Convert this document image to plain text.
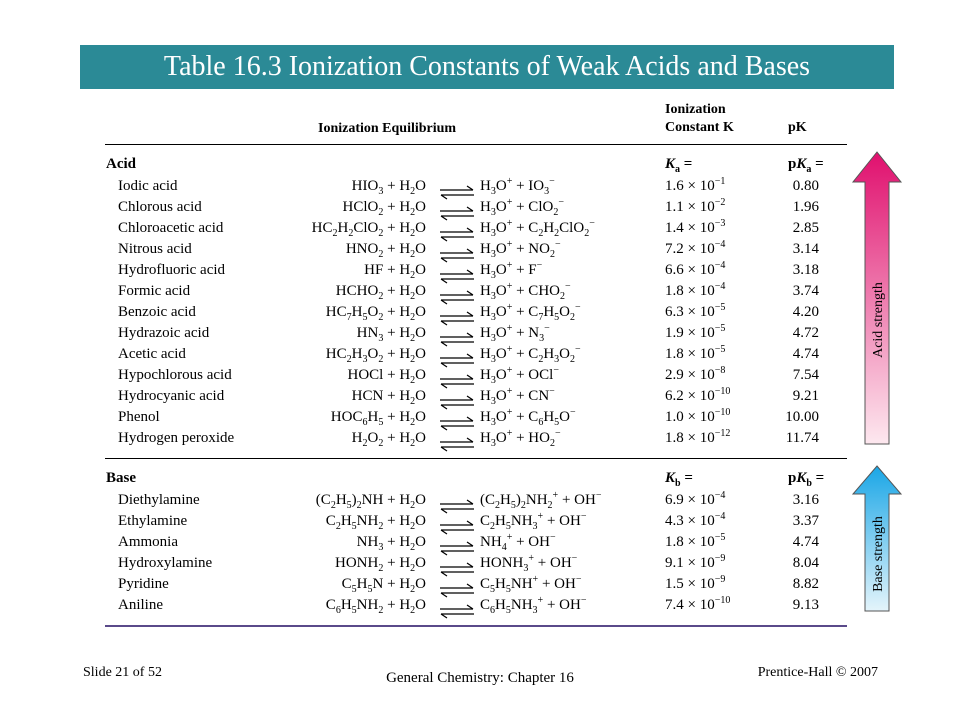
Table 16.3 Ionization Constants of Weak Acids and Bases
Ionization Equilibrium
Ionization
Constant K	pK
Acid	$K_a$ =	$pK_a$ =
Iodic acid	$HIO_3 + H_2O$ ⇌ $H_3O^+ + IO_3^-$	$1.6 \times 10^{-1}$	0.80
Chlorous acid	HClO$_2$ + $H_2O$ ⇌ $H_3O^+ + ClO_2^-$	$1.1 \times 10^{-2}$	1.96
Chloroacetic acid	$HC_2H_2ClO_2 + H_2O$ ⇌ $H_3O^+ + C_2H_2ClO_2^-$	$1.4 \times 10^{-3}$	2.85
Nitrous acid	$HNO_2 + H_2O$ ⇌ $H_3O^+ + NO_2^-$	$7.2 \times 10^{-4}$	3.14
Hydrofluoric acid	HF + $H_2O$ ⇌ $H_3O^+ + F^-$	$6.6 \times 10^{-4}$	3.18
Formic acid	$HCHO_2 + H_2O$ ⇌ $H_3O^+ + CHO_2^-$	$1.8 \times 10^{-4}$	3.74
Benzoic acid	$HC_7H_5O_2 + H_2O$ ⇌ $H_3O^+ + C_7H_5O_2^-$	$6.3 \times 10^{-5}$	4.20
Hydrazoic acid	$HN_3 + H_2O$ ⇌ $H_3O^+ + N_3^-$	$1.9 \times 10^{-5}$	4.72
Acetic acid	$HC_2H_3O_2 + H_2O$ ⇌ $H_3O^+ + C_2H_3O_2^-$	$1.8 \times 10^{-5}$	4.74
Hypochlorous acid	HOCl + $H_2O$ ⇌ $H_3O^+ + OCl^-$	$2.9 \times 10^{-8}$	7.54
Hydrocyanic acid	HCN + $H_2O$ ⇌ $H_3O^+ + CN^-$	$6.2 \times 10^{-10}$	9.21
Phenol	$HOC_6H_5 + H_2O$ ⇌ $H_3O^+ + C_6H_5O^-$	$1.0 \times 10^{-10}$	10.00
Hydrogen peroxide	$H_2O_2 + H_2O$ ⇌ $H_3O^+ + HO_2^-$	$1.8 \times 10^{-12}$	11.74
Base	$K_b$ =	$pK_b$ =
Diethylamine	$(C_2H_5)_2NH + H_2O$ ⇌ $(C_2H_5)_2NH_2^+ + OH^-$	$6.9 \times 10^{-4}$	3.16
Ethylamine	$C_2H_5NH_2 + H_2O$ ⇌ $C_2H_5NH_3^+ + OH^-$	$4.3 \times 10^{-4}$	3.37
Ammonia	$NH_3 + H_2O$ ⇌ $NH_4^+ + OH^-$	$1.8 \times 10^{-5}$	4.74
Hydroxylamine	$HONH_2 + H_2O$ ⇌ $HONH_3^+ + OH^-$	$9.1 \times 10^{-9}$	8.04
Pyridine	$C_5H_5N + H_2O$ ⇌ $C_5H_5NH^+ + OH^-$	$1.5 \times 10^{-9}$	8.82
Aniline	$C_6H_5NH_2 + H_2O$ ⇌ $C_6H_5NH_3^+ + OH^-$	$7.4 \times 10^{-10}$	9.13
Acid strength
Base strength
Slide 21 of 52	General Chemistry: Chapter 16	Prentice-Hall © 2007
